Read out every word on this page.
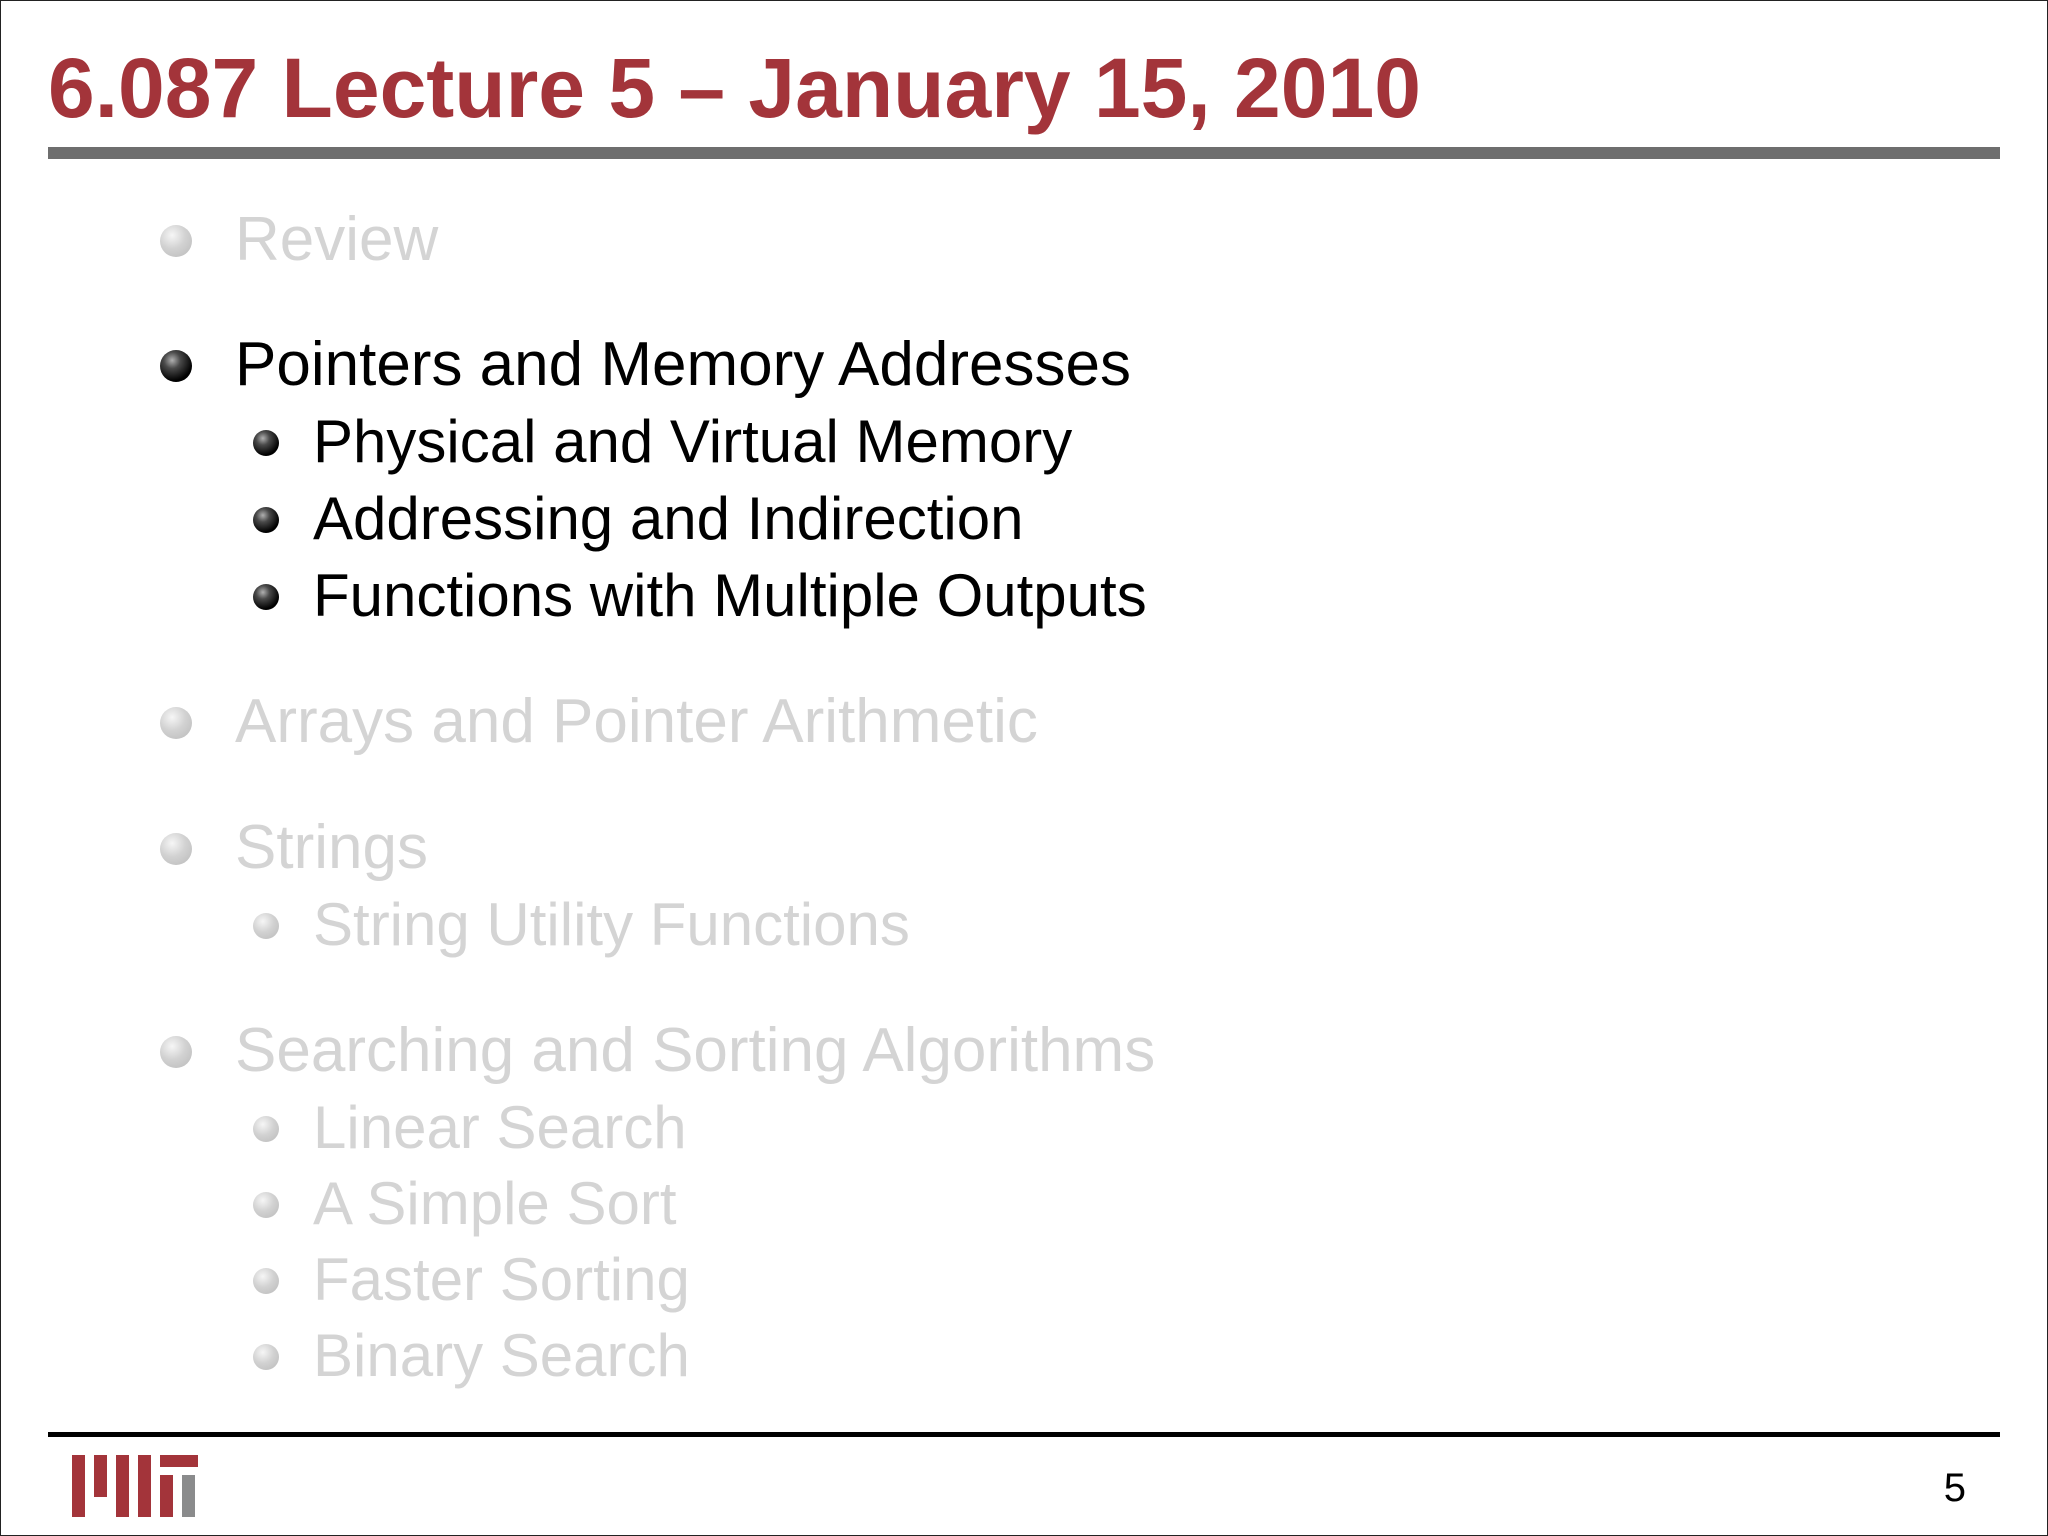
6.087 Lecture 5 – January 15, 2010
Review
Pointers and Memory Addresses
Physical and Virtual Memory
Addressing and Indirection
Functions with Multiple Outputs
Arrays and Pointer Arithmetic
Strings
String Utility Functions
Searching and Sorting Algorithms
Linear Search
A Simple Sort
Faster Sorting
Binary Search
5
